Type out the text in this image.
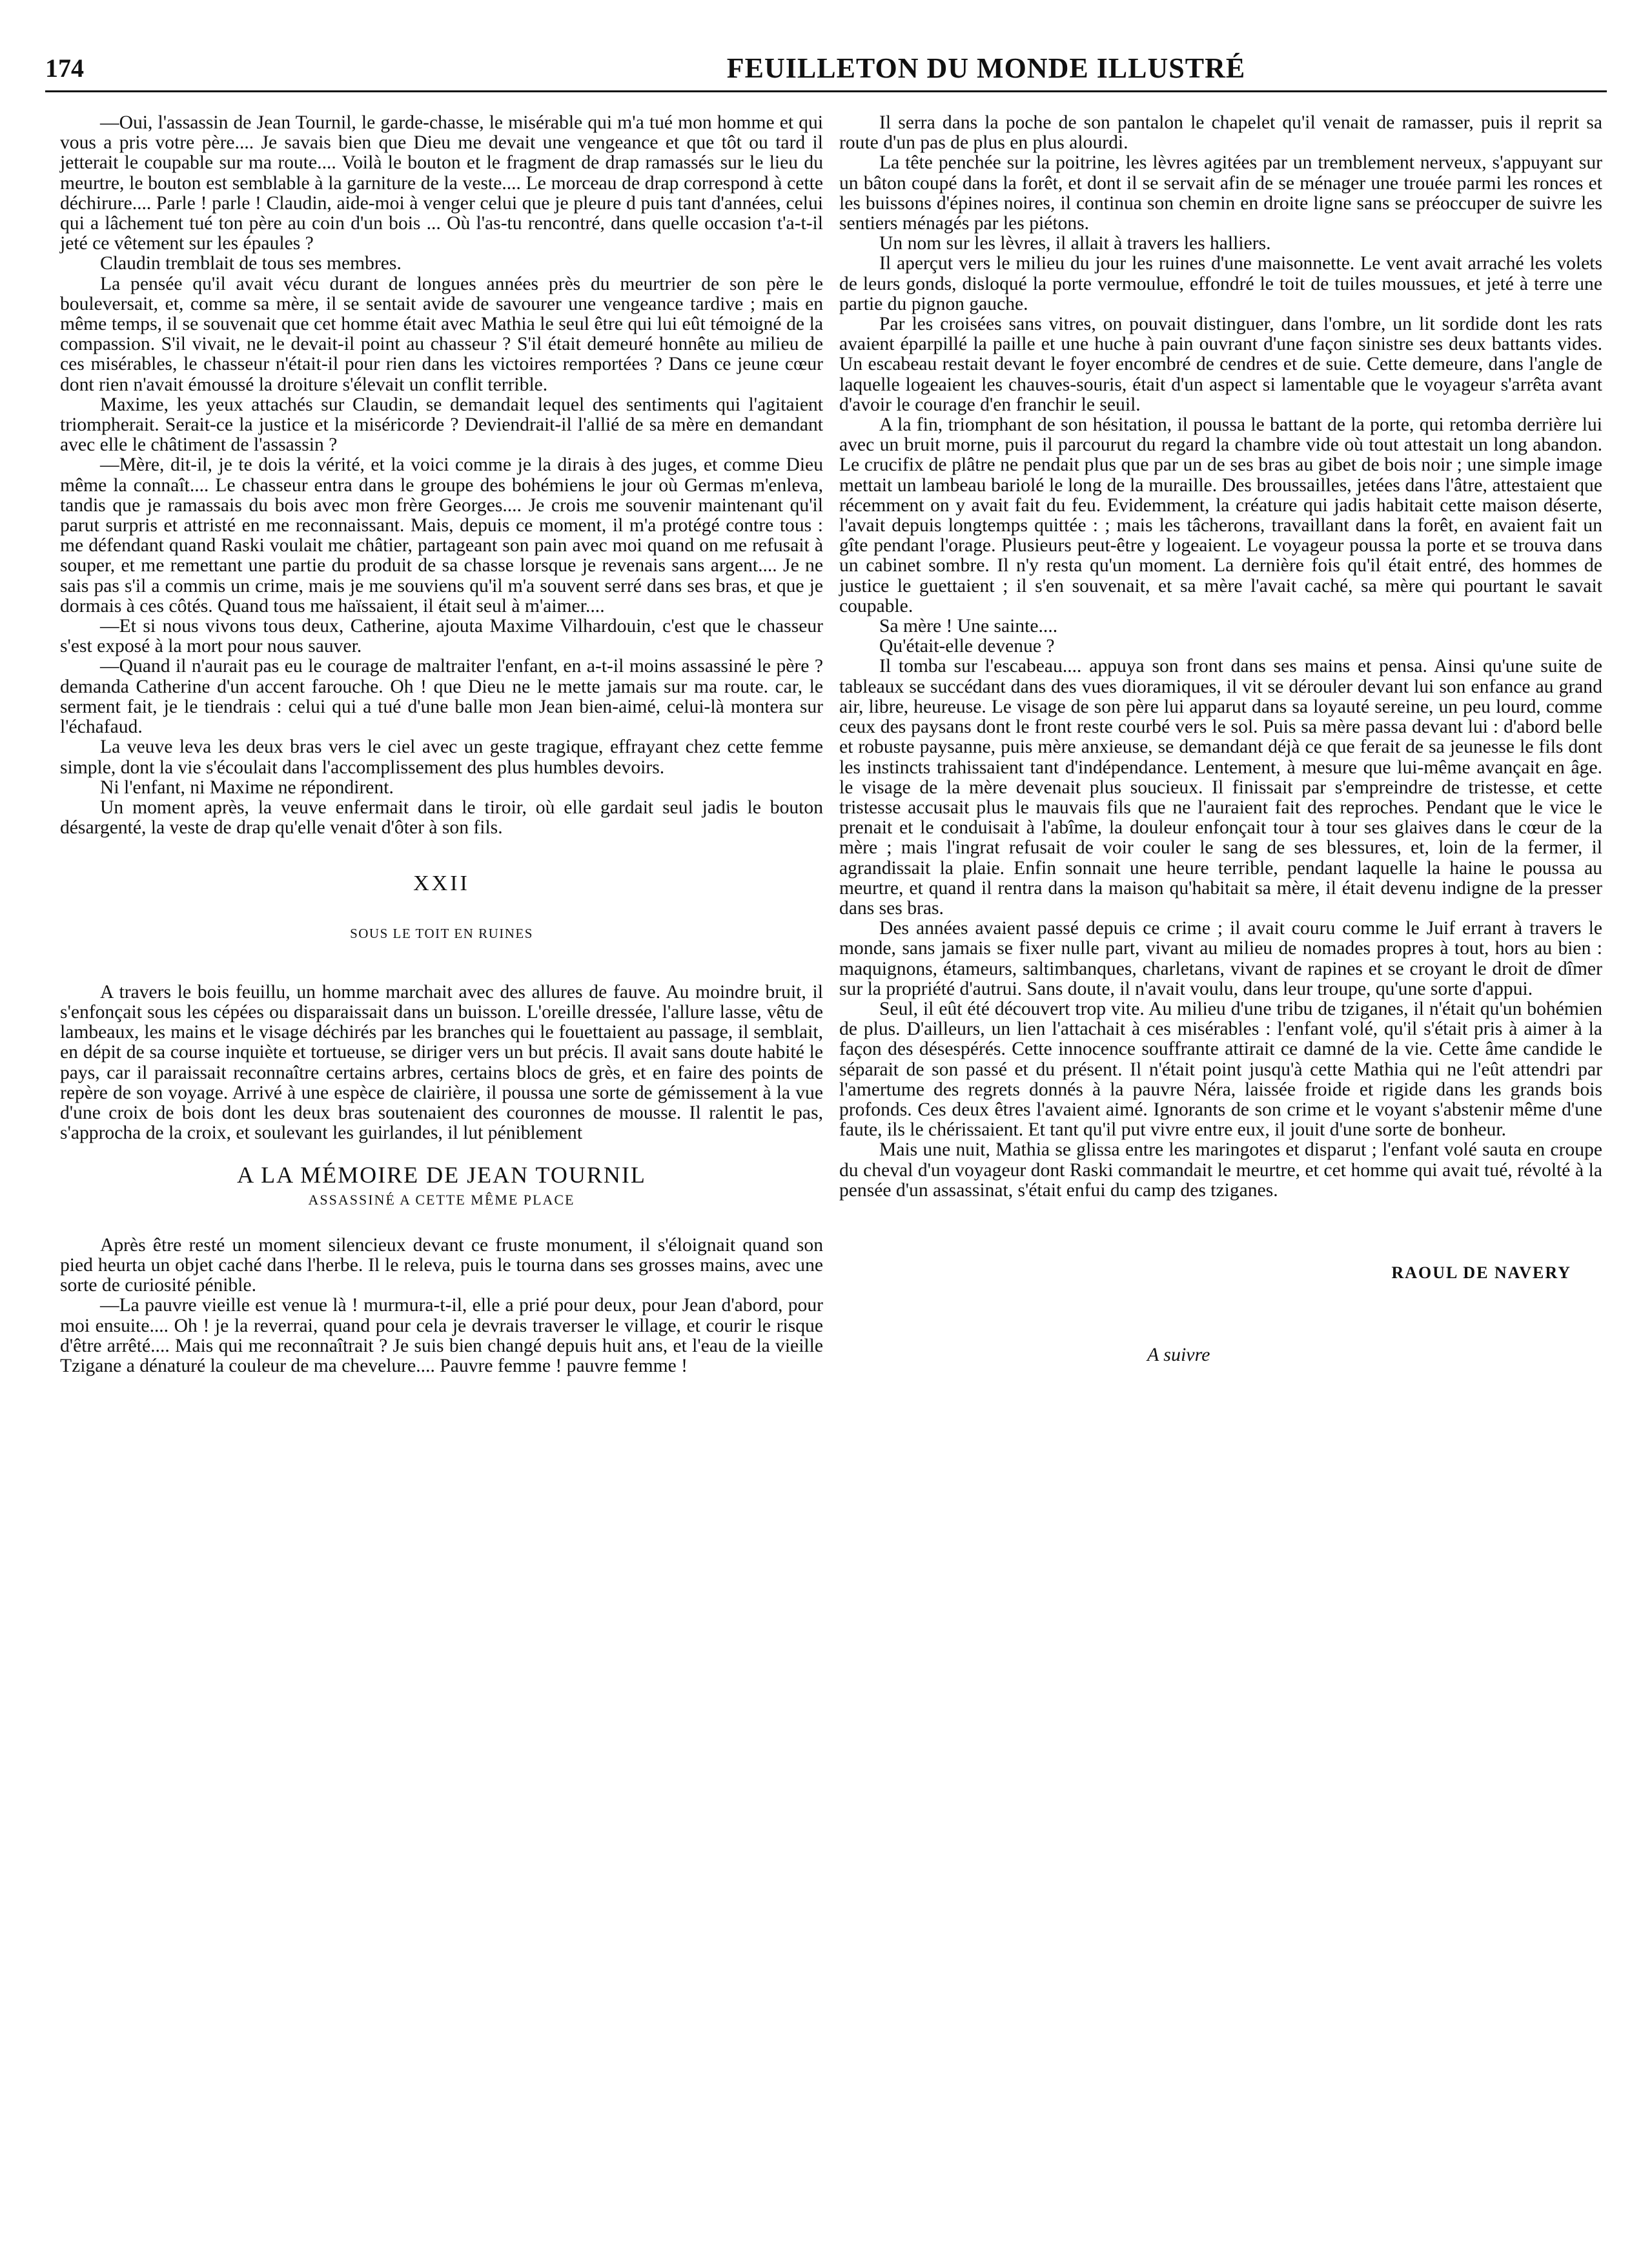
174	FEUILLETON DU MONDE ILLUSTRÉ

—Oui, l'assassin de Jean Tournil, le garde-chasse, le misérable qui m'a tué mon homme et qui vous a pris votre père.... Je savais bien que Dieu me devait une vengeance et que tôt ou tard il jetterait le coupable sur ma route.... Voilà le bouton et le fragment de drap ramassés sur le lieu du meurtre, le bouton est semblable à la garniture de la veste.... Le morceau de drap correspond à cette déchirure.... Parle ! parle ! Claudin, aide-moi à venger celui que je pleure d puis tant d'années, celui qui a lâchement tué ton père au coin d'un bois ... Où l'as-tu rencontré, dans quelle occasion t'a-t-il jeté ce vêtement sur les épaules ?

Claudin tremblait de tous ses membres.

La pensée qu'il avait vécu durant de longues années près du meurtrier de son père le bouleversait, et, comme sa mère, il se sentait avide de savourer une vengeance tardive ; mais en même temps, il se souvenait que cet homme était avec Mathia le seul être qui lui eût témoigné de la compassion. S'il vivait, ne le devait-il point au chasseur ? S'il était demeuré honnête au milieu de ces misérables, le chasseur n'était-il pour rien dans les victoires remportées ? Dans ce jeune cœur dont rien n'avait émoussé la droiture s'élevait un conflit terrible.

Maxime, les yeux attachés sur Claudin, se demandait lequel des sentiments qui l'agitaient triompherait. Serait-ce la justice et la miséricorde ? Deviendrait-il l'allié de sa mère en demandant avec elle le châtiment de l'assassin ?

—Mère, dit-il, je te dois la vérité, et la voici comme je la dirais à des juges, et comme Dieu même la connaît.... Le chasseur entra dans le groupe des bohémiens le jour où Germas m'enleva, tandis que je ramassais du bois avec mon frère Georges.... Je crois me souvenir maintenant qu'il parut surpris et attristé en me reconnaissant. Mais, depuis ce moment, il m'a protégé contre tous : me défendant quand Raski voulait me châtier, partageant son pain avec moi quand on me refusait à souper, et me remettant une partie du produit de sa chasse lorsque je revenais sans argent.... Je ne sais pas s'il a commis un crime, mais je me souviens qu'il m'a souvent serré dans ses bras, et que je dormais à ces côtés. Quand tous me haïssaient, il était seul à m'aimer....

—Et si nous vivons tous deux, Catherine, ajouta Maxime Vilhardouin, c'est que le chasseur s'est exposé à la mort pour nous sauver.

—Quand il n'aurait pas eu le courage de maltraiter l'enfant, en a-t-il moins assassiné le père ? demanda Catherine d'un accent farouche. Oh ! que Dieu ne le mette jamais sur ma route. car, le serment fait, je le tiendrais : celui qui a tué d'une balle mon Jean bien-aimé, celui-là montera sur l'échafaud.

La veuve leva les deux bras vers le ciel avec un geste tragique, effrayant chez cette femme simple, dont la vie s'écoulait dans l'accomplissement des plus humbles devoirs.

Ni l'enfant, ni Maxime ne répondirent.

Un moment après, la veuve enfermait dans le tiroir, où elle gardait seul jadis le bouton désargenté, la veste de drap qu'elle venait d'ôter à son fils.

XXII
SOUS LE TOIT EN RUINES

A travers le bois feuillu, un homme marchait avec des allures de fauve. Au moindre bruit, il s'enfonçait sous les cépées ou disparaissait dans un buisson. L'oreille dressée, l'allure lasse, vêtu de lambeaux, les mains et le visage déchirés par les branches qui le fouettaient au passage, il semblait, en dépit de sa course inquiète et tortueuse, se diriger vers un but précis. Il avait sans doute habité le pays, car il paraissait reconnaître certains arbres, certains blocs de grès, et en faire des points de repère de son voyage. Arrivé à une espèce de clairière, il poussa une sorte de gémissement à la vue d'une croix de bois dont les deux bras soutenaient des couronnes de mousse. Il ralentit le pas, s'approcha de la croix, et soulevant les guirlandes, il lut péniblement

A LA MÉMOIRE DE JEAN TOURNIL
ASSASSINÉ A CETTE MÊME PLACE

Après être resté un moment silencieux devant ce fruste monument, il s'éloignait quand son pied heurta un objet caché dans l'herbe. Il le releva, puis le tourna dans ses grosses mains, avec une sorte de curiosité pénible.

—La pauvre vieille est venue là ! murmura-t-il, elle a prié pour deux, pour Jean d'abord, pour moi ensuite.... Oh ! je la reverrai, quand pour cela je devrais traverser le village, et courir le risque d'être arrêté.... Mais qui me reconnaîtrait ? Je suis bien changé depuis huit ans, et l'eau de la vieille Tzigane a dénaturé la couleur de ma chevelure.... Pauvre femme ! pauvre femme !

Il serra dans la poche de son pantalon le chapelet qu'il venait de ramasser, puis il reprit sa route d'un pas de plus en plus alourdi.

La tête penchée sur la poitrine, les lèvres agitées par un tremblement nerveux, s'appuyant sur un bâton coupé dans la forêt, et dont il se servait afin de se ménager une trouée parmi les ronces et les buissons d'épines noires, il continua son chemin en droite ligne sans se préoccuper de suivre les sentiers ménagés par les piétons.

Un nom sur les lèvres, il allait à travers les halliers.

Il aperçut vers le milieu du jour les ruines d'une maisonnette. Le vent avait arraché les volets de leurs gonds, disloqué la porte vermoulue, effondré le toit de tuiles moussues, et jeté à terre une partie du pignon gauche.

Par les croisées sans vitres, on pouvait distinguer, dans l'ombre, un lit sordide dont les rats avaient éparpillé la paille et une huche à pain ouvrant d'une façon sinistre ses deux battants vides. Un escabeau restait devant le foyer encombré de cendres et de suie. Cette demeure, dans l'angle de laquelle logeaient les chauves-souris, était d'un aspect si lamentable que le voyageur s'arrêta avant d'avoir le courage d'en franchir le seuil.

A la fin, triomphant de son hésitation, il poussa le battant de la porte, qui retomba derrière lui avec un bruit morne, puis il parcourut du regard la chambre vide où tout attestait un long abandon. Le crucifix de plâtre ne pendait plus que par un de ses bras au gibet de bois noir ; une simple image mettait un lambeau bariolé le long de la muraille. Des broussailles, jetées dans l'âtre, attestaient que récemment on y avait fait du feu. Evidemment, la créature qui jadis habitait cette maison déserte, l'avait depuis longtemps quittée : ; mais les tâcherons, travaillant dans la forêt, en avaient fait un gîte pendant l'orage. Plusieurs peut-être y logeaient. Le voyageur poussa la porte et se trouva dans un cabinet sombre. Il n'y resta qu'un moment. La dernière fois qu'il était entré, des hommes de justice le guettaient ; il s'en souvenait, et sa mère l'avait caché, sa mère qui pourtant le savait coupable.

Sa mère ! Une sainte....

Qu'était-elle devenue ?

Il tomba sur l'escabeau.... appuya son front dans ses mains et pensa. Ainsi qu'une suite de tableaux se succédant dans des vues dioramiques, il vit se dérouler devant lui son enfance au grand air, libre, heureuse. Le visage de son père lui apparut dans sa loyauté sereine, un peu lourd, comme ceux des paysans dont le front reste courbé vers le sol. Puis sa mère passa devant lui : d'abord belle et robuste paysanne, puis mère anxieuse, se demandant déjà ce que ferait de sa jeunesse le fils dont les instincts trahissaient tant d'indépendance. Lentement, à mesure que lui-même avançait en âge. le visage de la mère devenait plus soucieux. Il finissait par s'empreindre de tristesse, et cette tristesse accusait plus le mauvais fils que ne l'auraient fait des reproches. Pendant que le vice le prenait et le conduisait à l'abîme, la douleur enfonçait tour à tour ses glaives dans le cœur de la mère ; mais l'ingrat refusait de voir couler le sang de ses blessures, et, loin de la fermer, il agrandissait la plaie. Enfin sonnait une heure terrible, pendant laquelle la haine le poussa au meurtre, et quand il rentra dans la maison qu'habitait sa mère, il était devenu indigne de la presser dans ses bras.

Des années avaient passé depuis ce crime ; il avait couru comme le Juif errant à travers le monde, sans jamais se fixer nulle part, vivant au milieu de nomades propres à tout, hors au bien : maquignons, étameurs, saltimbanques, charletans, vivant de rapines et se croyant le droit de dîmer sur la propriété d'autrui. Sans doute, il n'avait voulu, dans leur troupe, qu'une sorte d'appui.

Seul, il eût été découvert trop vite. Au milieu d'une tribu de tziganes, il n'était qu'un bohémien de plus. D'ailleurs, un lien l'attachait à ces misérables : l'enfant volé, qu'il s'était pris à aimer à la façon des désespérés. Cette innocence souffrante attirait ce damné de la vie. Cette âme candide le séparait de son passé et du présent. Il n'était point jusqu'à cette Mathia qui ne l'eût attendri par l'amertume des regrets donnés à la pauvre Néra, laissée froide et rigide dans les grands bois profonds. Ces deux êtres l'avaient aimé. Ignorants de son crime et le voyant s'abstenir même d'une faute, ils le chérissaient. Et tant qu'il put vivre entre eux, il jouit d'une sorte de bonheur.

Mais une nuit, Mathia se glissa entre les maringotes et disparut ; l'enfant volé sauta en croupe du cheval d'un voyageur dont Raski commandait le meurtre, et cet homme qui avait tué, révolté à la pensée d'un assassinat, s'était enfui du camp des tziganes.

RAOUL DE NAVERY
A suivre
